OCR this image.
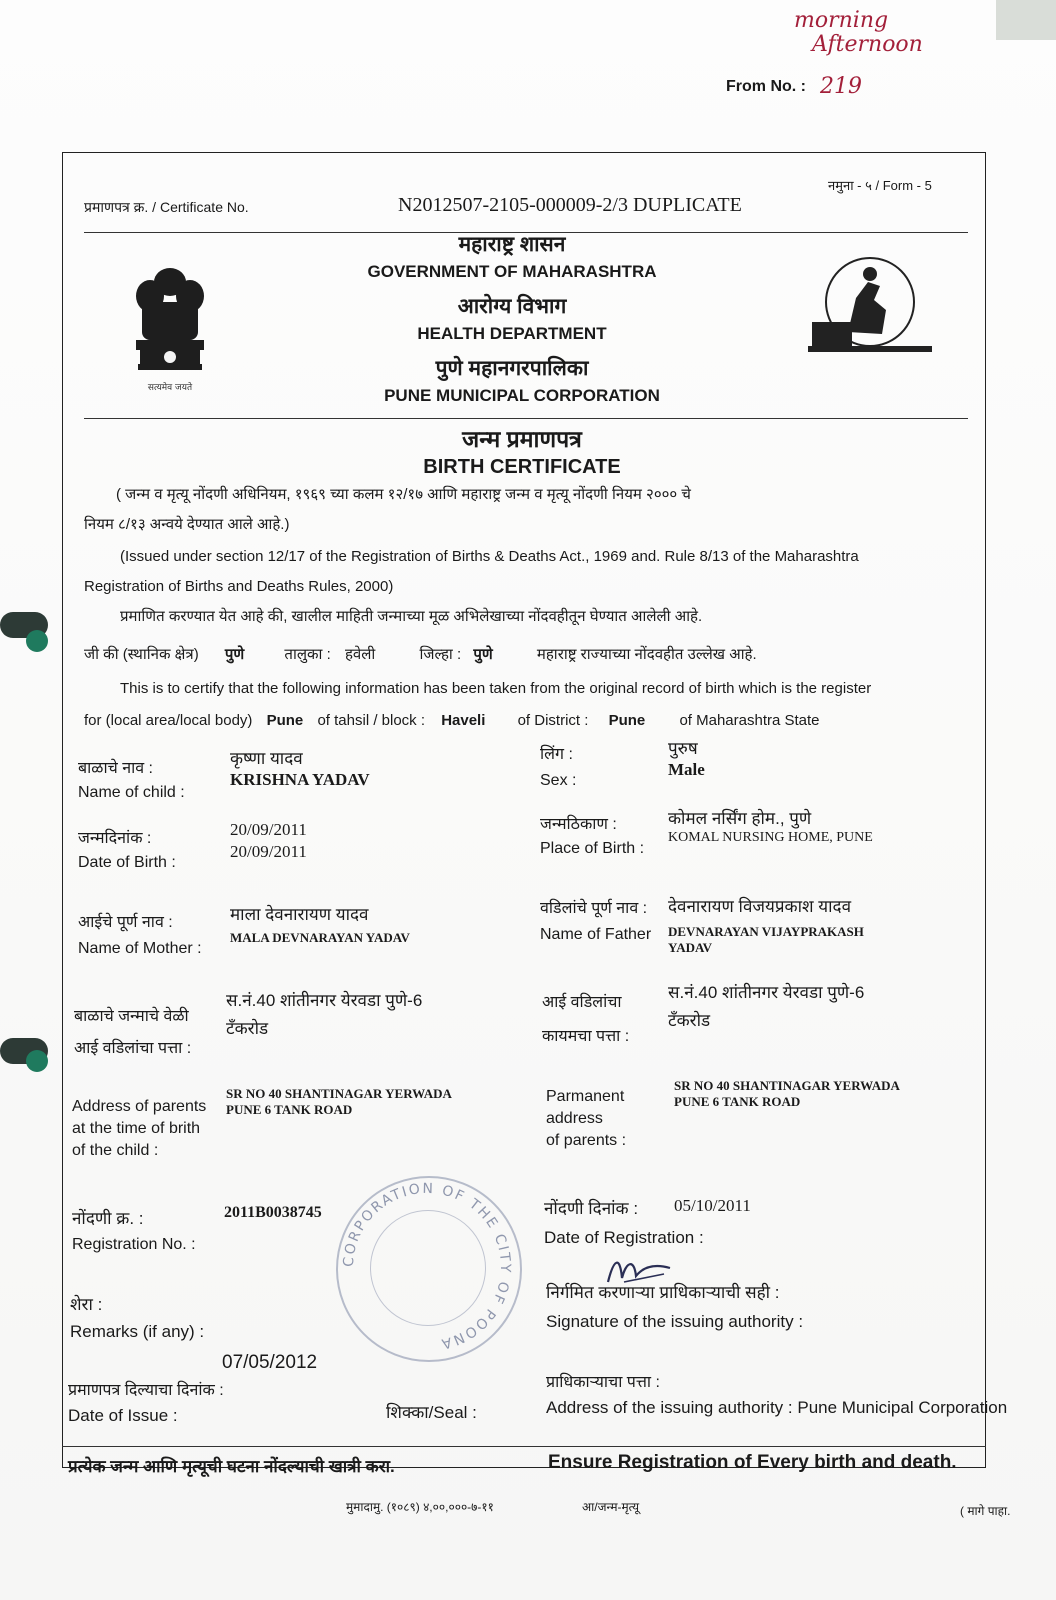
morning
Afternoon
From No. : 219
प्रमाणपत्र क्र. / Certificate No.	N2012507-2105-000009-2/3 DUPLICATE
नमुना - ५ / Form - 5
सत्यमेव जयते
महाराष्ट्र शासन
GOVERNMENT OF MAHARASHTRA
आरोग्य विभाग
HEALTH DEPARTMENT
पुणे महानगरपालिका
PUNE MUNICIPAL CORPORATION
जन्म प्रमाणपत्र
BIRTH CERTIFICATE
( जन्म व मृत्यू नोंदणी अधिनियम, १९६९ च्या कलम १२/१७ आणि महाराष्ट्र जन्म व मृत्यू नोंदणी नियम २००० चे
नियम ८/१३ अन्वये देण्यात आले आहे.)
(Issued under section 12/17 of the Registration of Births & Deaths Act., 1969 and. Rule 8/13 of the Maharashtra
Registration of Births and Deaths Rules, 2000)
प्रमाणित करण्यात येत आहे की, खालील माहिती जन्माच्या मूळ अभिलेखाच्या नोंदवहीतून घेण्यात आलेली आहे.
जी की (स्थानिक क्षेत्र) पुणे	तालुका : हवेली	जिल्हा : पुणे	महाराष्ट्र राज्याच्या नोंदवहीत उल्लेख आहे.
This is to certify that the following information has been taken from the original record of birth which is the register
for (local area/local body) Pune of tahsil / block : Haveli of District : Pune of Maharashtra State
बाळाचे नाव :
Name of child :
कृष्णा यादव
KRISHNA YADAV
लिंग :
Sex :
पुरुष
Male
जन्मदिनांक :
Date of Birth :
20/09/2011
20/09/2011
जन्मठिकाण :
Place of Birth :
कोमल नर्सिंग होम., पुणे
KOMAL NURSING HOME, PUNE
आईचे पूर्ण नाव :
Name of Mother :
माला देवनारायण यादव
MALA DEVNARAYAN YADAV
वडिलांचे पूर्ण नाव : देवनारायण विजयप्रकाश यादव
Name of Father DEVNARAYAN VIJAYPRAKASH
YADAV
बाळाचे जन्माचे वेळी
आई वडिलांचा पत्ता :
स.नं.40 शांतीनगर येरवडा पुणे-6
टँकरोड
आई वडिलांचा
कायमचा पत्ता :
स.नं.40 शांतीनगर येरवडा पुणे-6
टँकरोड
Address of parents
at the time of brith
of the child :
SR NO 40 SHANTINAGAR YERWADA
PUNE 6 TANK ROAD
Parmanent
address
of parents :
SR NO 40 SHANTINAGAR YERWADA
PUNE 6 TANK ROAD
CORPORATION OF THE CITY OF POONA
नोंदणी क्र. :
Registration No. :
2011B0038745	नोंदणी दिनांक :
Date of Registration :
05/10/2011
शेरा :
Remarks (if any) :
निर्गमित करणाऱ्या प्राधिकाऱ्याची सही :
Signature of the issuing authority :
07/05/2012
प्रमाणपत्र दिल्याचा दिनांक :
Date of Issue :	शिक्का/Seal :
प्राधिकाऱ्याचा पत्ता :
Address of the issuing authority : Pune Municipal Corporation
प्रत्येक जन्म आणि मृत्यूची घटना नोंदल्याची खात्री करा.	Ensure Registration of Every birth and death.
मुमादामु. (१०८९) ४,००,०००-७-११	आ/जन्म-मृत्यू	( मागे पाहा.
